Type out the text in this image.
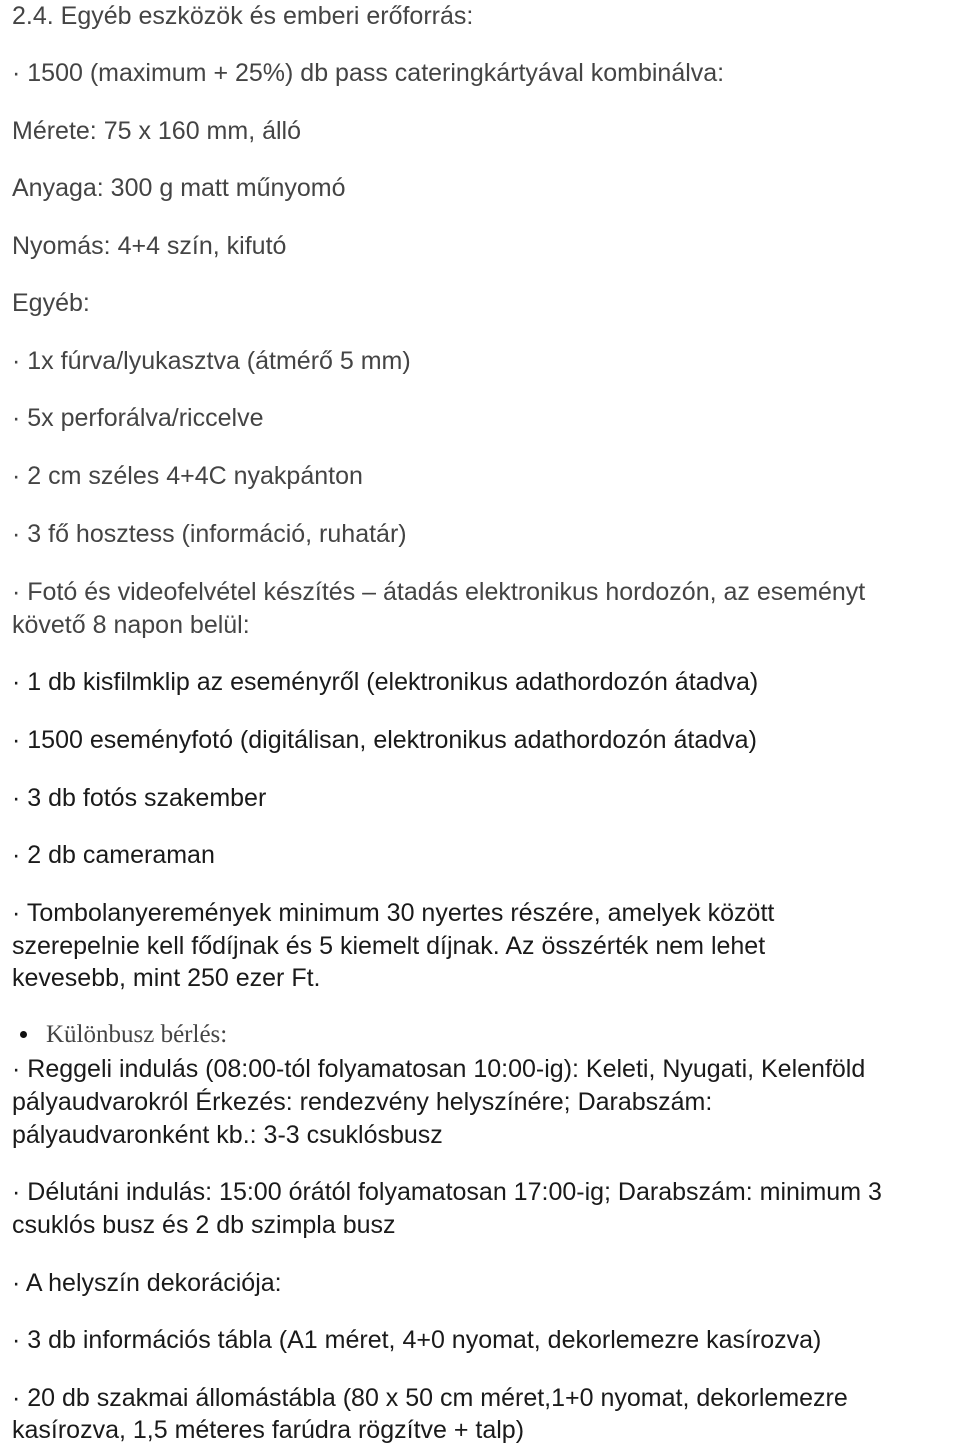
2.4. Egyéb eszközök és emberi erőforrás:

· 1500 (maximum + 25%) db pass cateringkártyával kombinálva:

Mérete: 75 x 160 mm, álló

Anyaga: 300 g matt műnyomó

Nyomás: 4+4 szín, kifutó

Egyéb:

· 1x fúrva/lyukasztva (átmérő 5 mm)

· 5x perforálva/riccelve

· 2 cm széles 4+4C nyakpánton

· 3 fő hosztess (információ, ruhatár)

· Fotó és videofelvétel készítés – átadás elektronikus hordozón, az eseményt

követő 8 napon belül:

· 1 db kisfilmklip az eseményről (elektronikus adathordozón átadva)

· 1500 eseményfotó (digitálisan, elektronikus adathordozón átadva)

· 3 db fotós szakember

· 2 db cameraman

· Tombolanyeremények minimum 30 nyertes részére, amelyek között

szerepelnie kell fődíjnak és 5 kiemelt díjnak. Az összérték nem lehet

kevesebb, mint 250 ezer Ft.

Különbusz bérlés:

· Reggeli indulás (08:00-tól folyamatosan 10:00-ig): Keleti, Nyugati, Kelenföld

pályaudvarokról Érkezés: rendezvény helyszínére; Darabszám:

pályaudvaronként kb.: 3-3 csuklósbusz

· Délutáni indulás: 15:00 órától folyamatosan 17:00-ig; Darabszám: minimum 3

csuklós busz és 2 db szimpla busz

· A helyszín dekorációja:

· 3 db információs tábla (A1 méret, 4+0 nyomat, dekorlemezre kasírozva)

· 20 db szakmai állomástábla (80 x 50 cm méret,1+0 nyomat, dekorlemezre

kasírozva, 1,5 méteres farúdra rögzítve + talp)
